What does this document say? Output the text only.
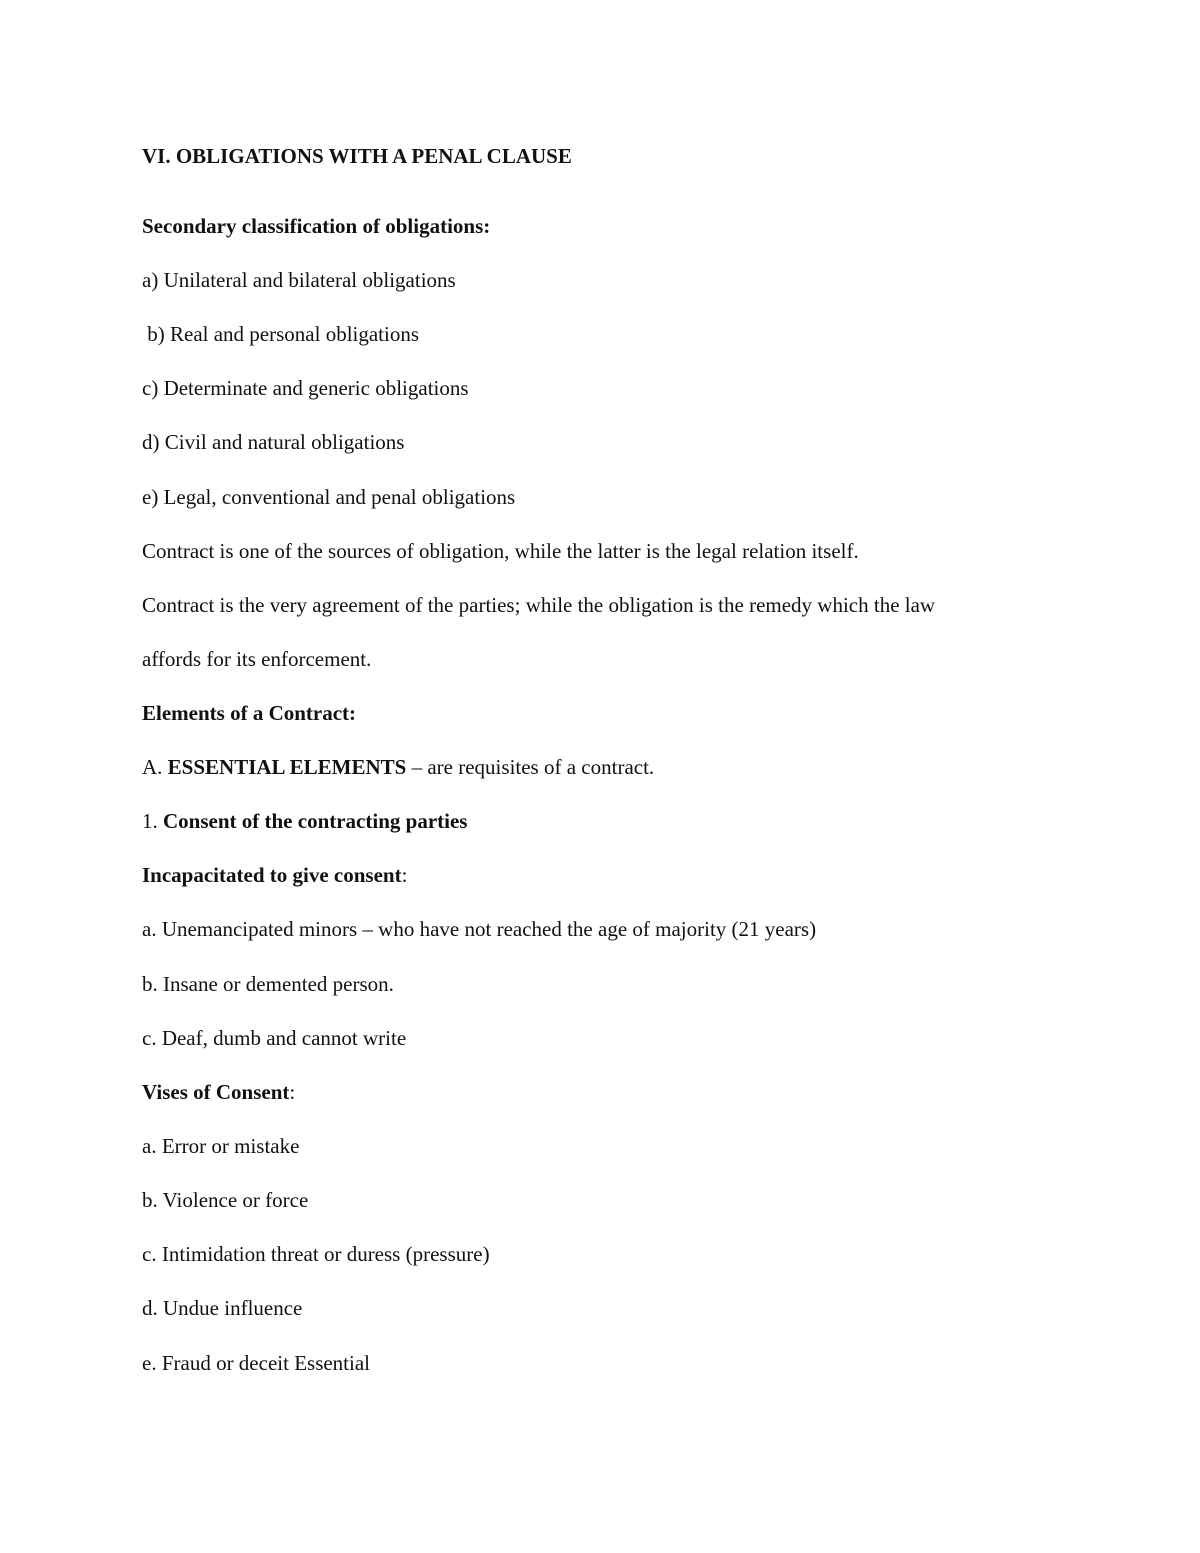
VI. OBLIGATIONS WITH A PENAL CLAUSE
Secondary classification of obligations:
a) Unilateral and bilateral obligations
b) Real and personal obligations
c) Determinate and generic obligations
d) Civil and natural obligations
e) Legal, conventional and penal obligations
Contract is one of the sources of obligation, while the latter is the legal relation itself.
Contract is the very agreement of the parties; while the obligation is the remedy which the law
affords for its enforcement.
Elements of a Contract:
A. ESSENTIAL ELEMENTS – are requisites of a contract.
1. Consent of the contracting parties
Incapacitated to give consent:
a. Unemancipated minors – who have not reached the age of majority (21 years)
b. Insane or demented person.
c. Deaf, dumb and cannot write
Vises of Consent:
a. Error or mistake
b. Violence or force
c. Intimidation threat or duress (pressure)
d. Undue influence
e. Fraud or deceit Essential
